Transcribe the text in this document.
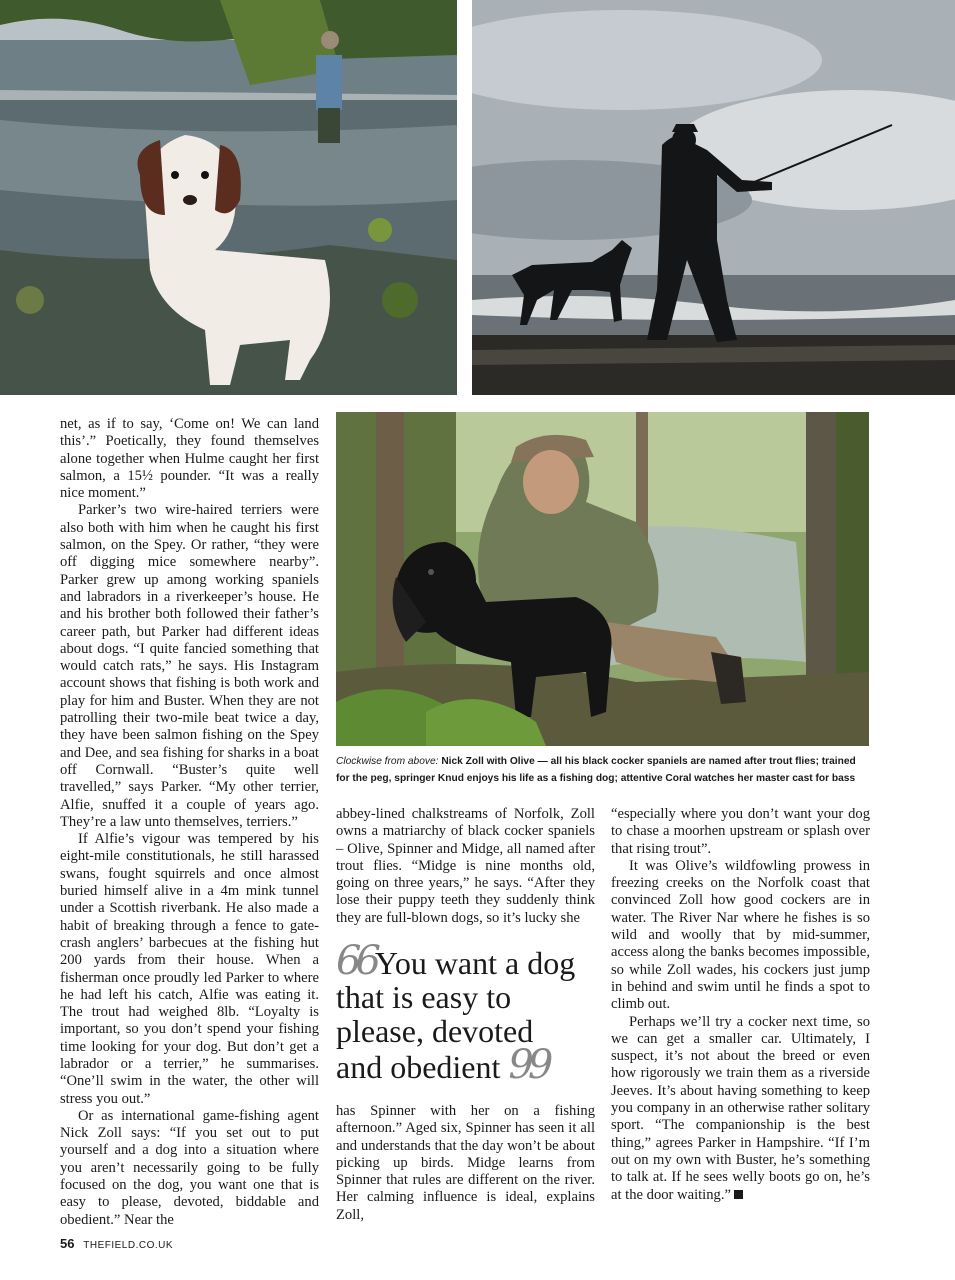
net, as if to say, ‘Come on! We can land this’.” Poetically, they found themselves alone together when Hulme caught her first salmon, a 15½ pounder. “It was a really nice moment.”

Parker’s two wire-haired terriers were also both with him when he caught his first salmon, on the Spey. Or rather, “they were off digging mice somewhere nearby”. Parker grew up among working spaniels and labradors in a riverkeeper’s house. He and his brother both followed their father’s career path, but Parker had different ideas about dogs. “I quite fancied something that would catch rats,” he says. His Instagram account shows that fishing is both work and play for him and Buster. When they are not patrolling their two-mile beat twice a day, they have been salmon fishing on the Spey and Dee, and sea fishing for sharks in a boat off Cornwall. “Buster’s quite well travelled,” says Parker. “My other terrier, Alfie, snuffed it a couple of years ago. They’re a law unto themselves, terriers.”

If Alfie’s vigour was tempered by his eight-mile constitutionals, he still harassed swans, fought squirrels and once almost buried himself alive in a 4m mink tunnel under a Scottish riverbank. He also made a habit of breaking through a fence to gate-crash anglers’ barbecues at the fishing hut 200 yards from their house. When a fisherman once proudly led Parker to where he had left his catch, Alfie was eating it. The trout had weighed 8lb. “Loyalty is important, so you don’t spend your fishing time looking for your dog. But don’t get a labrador or a terrier,” he summarises. “One’ll swim in the water, the other will stress you out.”

Or as international game-fishing agent Nick Zoll says: “If you set out to put yourself and a dog into a situation where you aren’t necessarily going to be fully focused on the dog, you want one that is easy to please, devoted, biddable and obedient.” Near the

Clockwise from above: Nick Zoll with Olive — all his black cocker spaniels are named after trout flies; trained for the peg, springer Knud enjoys his life as a fishing dog; attentive Coral watches her master cast for bass

abbey-lined chalkstreams of Norfolk, Zoll owns a matriarchy of black cocker spaniels – Olive, Spinner and Midge, all named after trout flies. “Midge is nine months old, going on three years,” he says. “After they lose their puppy teeth they suddenly think they are full-blown dogs, so it’s lucky she

66You want a dog that is easy to please, devoted and obedient 99

has Spinner with her on a fishing afternoon.” Aged six, Spinner has seen it all and understands that the day won’t be about picking up birds. Midge learns from Spinner that rules are different on the river. Her calming influence is ideal, explains Zoll,

“especially where you don’t want your dog to chase a moorhen upstream or splash over that rising trout”.

It was Olive’s wildfowling prowess in freezing creeks on the Norfolk coast that convinced Zoll how good cockers are in water. The River Nar where he fishes is so wild and woolly that by mid-summer, access along the banks becomes impossible, so while Zoll wades, his cockers just jump in behind and swim until he finds a spot to climb out.

Perhaps we’ll try a cocker next time, so we can get a smaller car. Ultimately, I suspect, it’s not about the breed or even how rigorously we train them as a riverside Jeeves. It’s about having something to keep you company in an otherwise rather solitary sport. “The companionship is the best thing,” agrees Parker in Hampshire. “If I’m out on my own with Buster, he’s something to talk at. If he sees welly boots go on, he’s at the door waiting.”

56 THEFIELD.CO.UK
